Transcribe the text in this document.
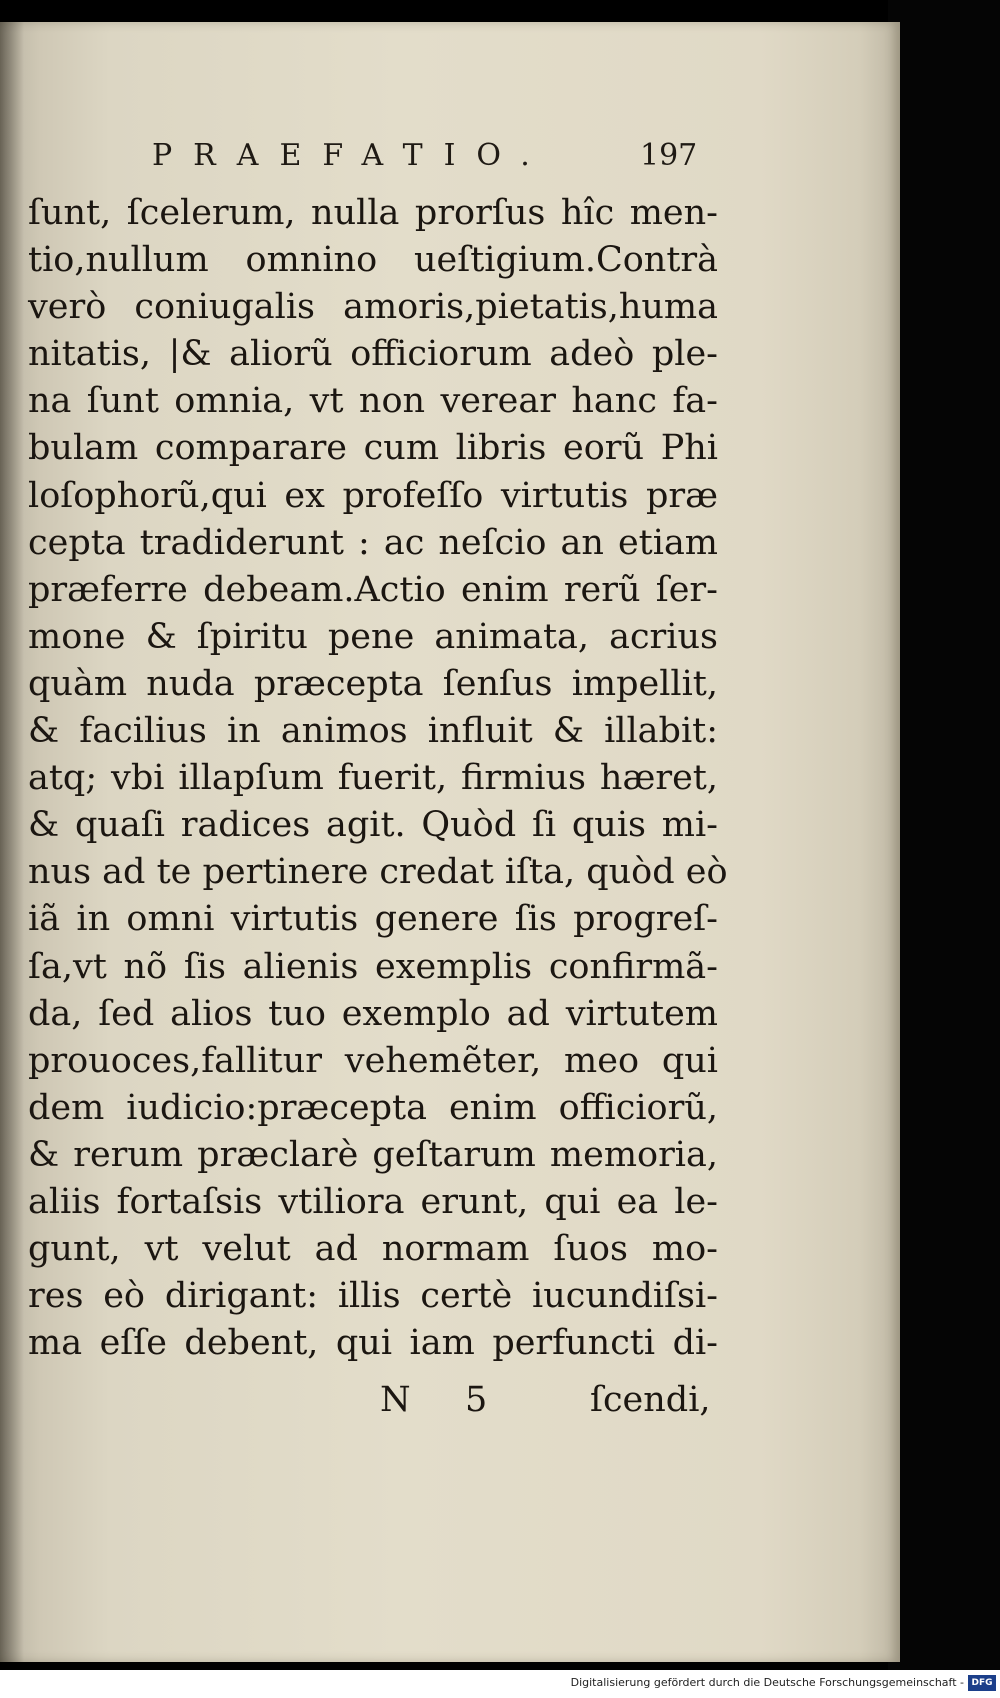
PRAEFATIO.	197
ſunt, ſcelerum, nulla prorſus hîc men-
tio,nullum omnino ueſtigium.Contrà
verò coniugalis amoris,pietatis,huma
nitatis, |& aliorũ officiorum adeò ple-
na ſunt omnia, vt non verear hanc fa-
bulam comparare cum libris eorũ Phi
loſophorũ,qui ex profeſſo virtutis præ
cepta tradiderunt : ac neſcio an etiam
præferre debeam.Actio enim rerũ ſer-
mone & ſpiritu pene animata, acrius
quàm nuda præcepta ſenſus impellit,
& facilius in animos influit & illabit:
atq; vbi illapſum fuerit, firmius hæret,
& quaſi radices agit. Quòd ſi quis mi-
nus ad te pertinere credat iſta, quòd eò
iã in omni virtutis genere ſis progreſ-
ſa,vt nõ ſis alienis exemplis confirmã-
da, ſed alios tuo exemplo ad virtutem
prouoces,fallitur vehemẽter, meo qui
dem iudicio:præcepta enim officiorũ,
& rerum præclarè geſtarum memoria,
aliis fortaſsis vtiliora erunt, qui ea le-
gunt, vt velut ad normam ſuos mo-
res eò dirigant: illis certè iucundiſsi-
ma eſſe debent, qui iam perfuncti di-
N 5	ſcendi,
Digitalisierung gefördert durch die Deutsche Forschungsgemeinschaft - DFG
